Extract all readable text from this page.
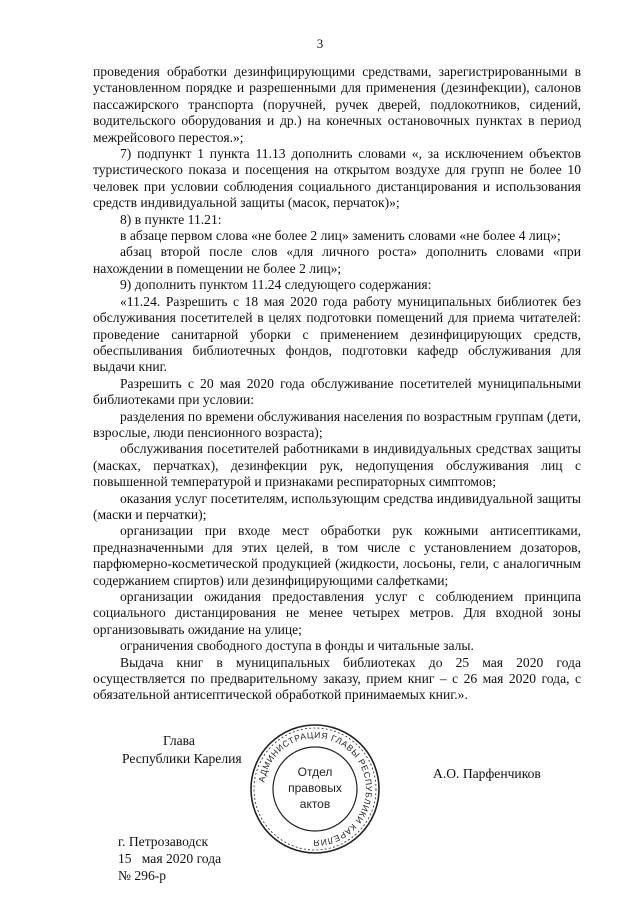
3

проведения обработки дезинфицирующими средствами, зарегистрированными в установленном порядке и разрешенными для применения (дезинфекции), салонов пассажирского транспорта (поручней, ручек дверей, подлокотников, сидений, водительского оборудования и др.) на конечных остановочных пунктах в период межрейсового перестоя.»;

7) подпункт 1 пункта 11.13 дополнить словами «, за исключением объектов туристического показа и посещения на открытом воздухе для групп не более 10 человек при условии соблюдения социального дистанцирования и использования средств индивидуальной защиты (масок, перчаток)»;

8) в пункте 11.21:

в абзаце первом слова «не более 2 лиц» заменить словами «не более 4 лиц»;

абзац второй после слов «для личного роста» дополнить словами «при нахождении в помещении не более 2 лиц»;

9) дополнить пунктом 11.24 следующего содержания:

«11.24. Разрешить с 18 мая 2020 года работу муниципальных библиотек без обслуживания посетителей в целях подготовки помещений для приема читателей: проведение санитарной уборки с применением дезинфицирующих средств, обеспыливания библиотечных фондов, подготовки кафедр обслуживания для выдачи книг.

Разрешить с 20 мая 2020 года обслуживание посетителей муниципальными библиотеками при условии:

разделения по времени обслуживания населения по возрастным группам (дети, взрослые, люди пенсионного возраста);

обслуживания посетителей работниками в индивидуальных средствах защиты (масках, перчатках), дезинфекции рук, недопущения обслуживания лиц с повышенной температурой и признаками респираторных симптомов;

оказания услуг посетителям, использующим средства индивидуальной защиты (маски и перчатки);

организации при входе мест обработки рук кожными антисептиками, предназначенными для этих целей, в том числе с установлением дозаторов, парфюмерно-косметической продукцией (жидкости, лосьоны, гели, с аналогичным содержанием спиртов) или дезинфицирующими салфетками;

организации ожидания предоставления услуг с соблюдением принципа социального дистанцирования не менее четырех метров. Для входной зоны организовывать ожидание на улице;

ограничения свободного доступа в фонды и читальные залы.

Выдача книг в муниципальных библиотеках до 25 мая 2020 года осуществляется по предварительному заказу, прием книг – с 26 мая 2020 года, с обязательной антисептической обработкой принимаемых книг.».

Глава
Республики Карелия
АДМИНИСТРАЦИЯ ГЛАВЫ РЕСПУБЛИКИ КАРЕЛИЯ
Отдел
правовых
актов
А.О. Парфенчиков
г. Петрозаводск
15   мая 2020 года
№ 296-р
